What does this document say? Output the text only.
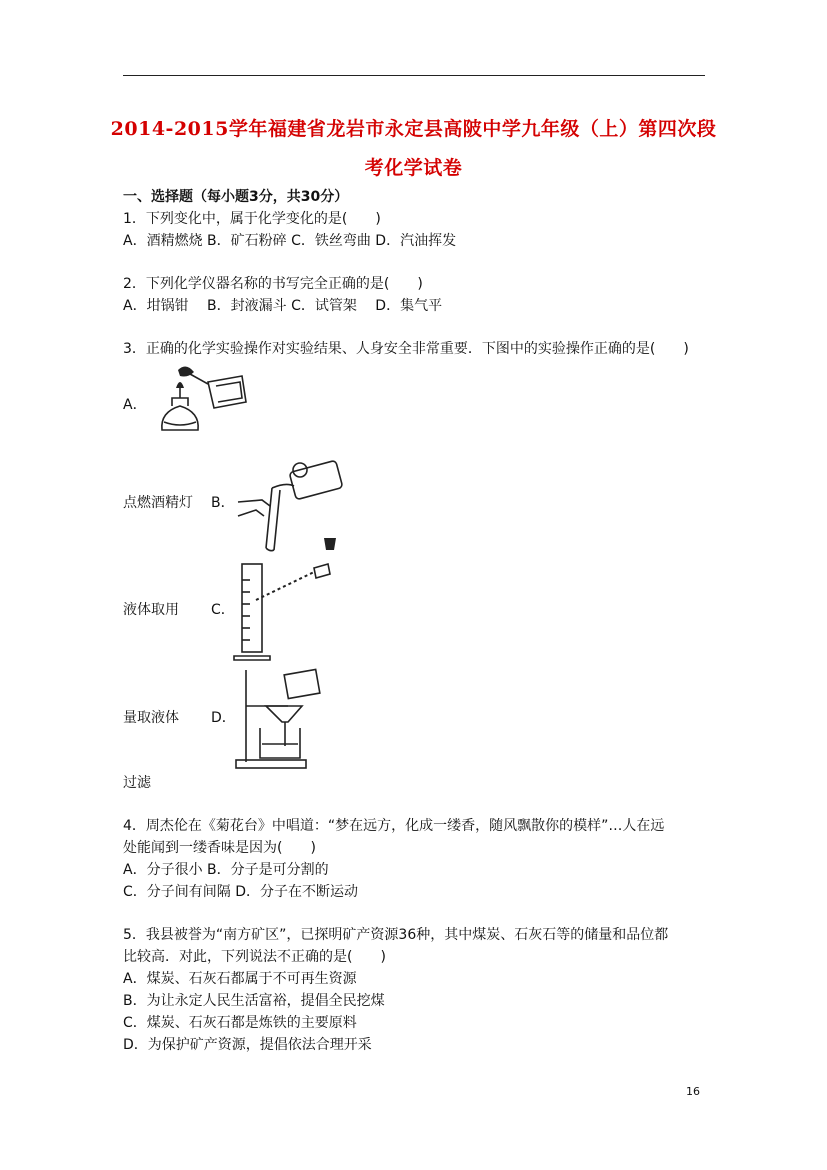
2014-2015学年福建省龙岩市永定县高陂中学九年级（上）第四次段
考化学试卷
一、选择题（每小题3分，共30分）
1．下列变化中，属于化学变化的是(　　)
A．酒精燃烧 B．矿石粉碎 C．铁丝弯曲 D．汽油挥发
2．下列化学仪器名称的书写完全正确的是(　　)
A．坩锅钳　 B．封液漏斗 C．试管架　 D．集气平
3．正确的化学实验操作对实验结果、人身安全非常重要．下图中的实验操作正确的是(　　)
A．
点燃酒精灯 B．
液体取用 C．
量取液体 D．
过滤
4．周杰伦在《菊花台》中唱道：“梦在远方，化成一缕香，随风飘散你的模样”…人在远
处能闻到一缕香味是因为(　　)
A．分子很小 B．分子是可分割的
C．分子间有间隔 D．分子在不断运动
5．我县被誉为“南方矿区”，已探明矿产资源36种，其中煤炭、石灰石等的储量和品位都
比较高．对此，下列说法不正确的是(　　)
A．煤炭、石灰石都属于不可再生资源
B．为让永定人民生活富裕，提倡全民挖煤
C．煤炭、石灰石都是炼铁的主要原料
D．为保护矿产资源，提倡依法合理开采
16
